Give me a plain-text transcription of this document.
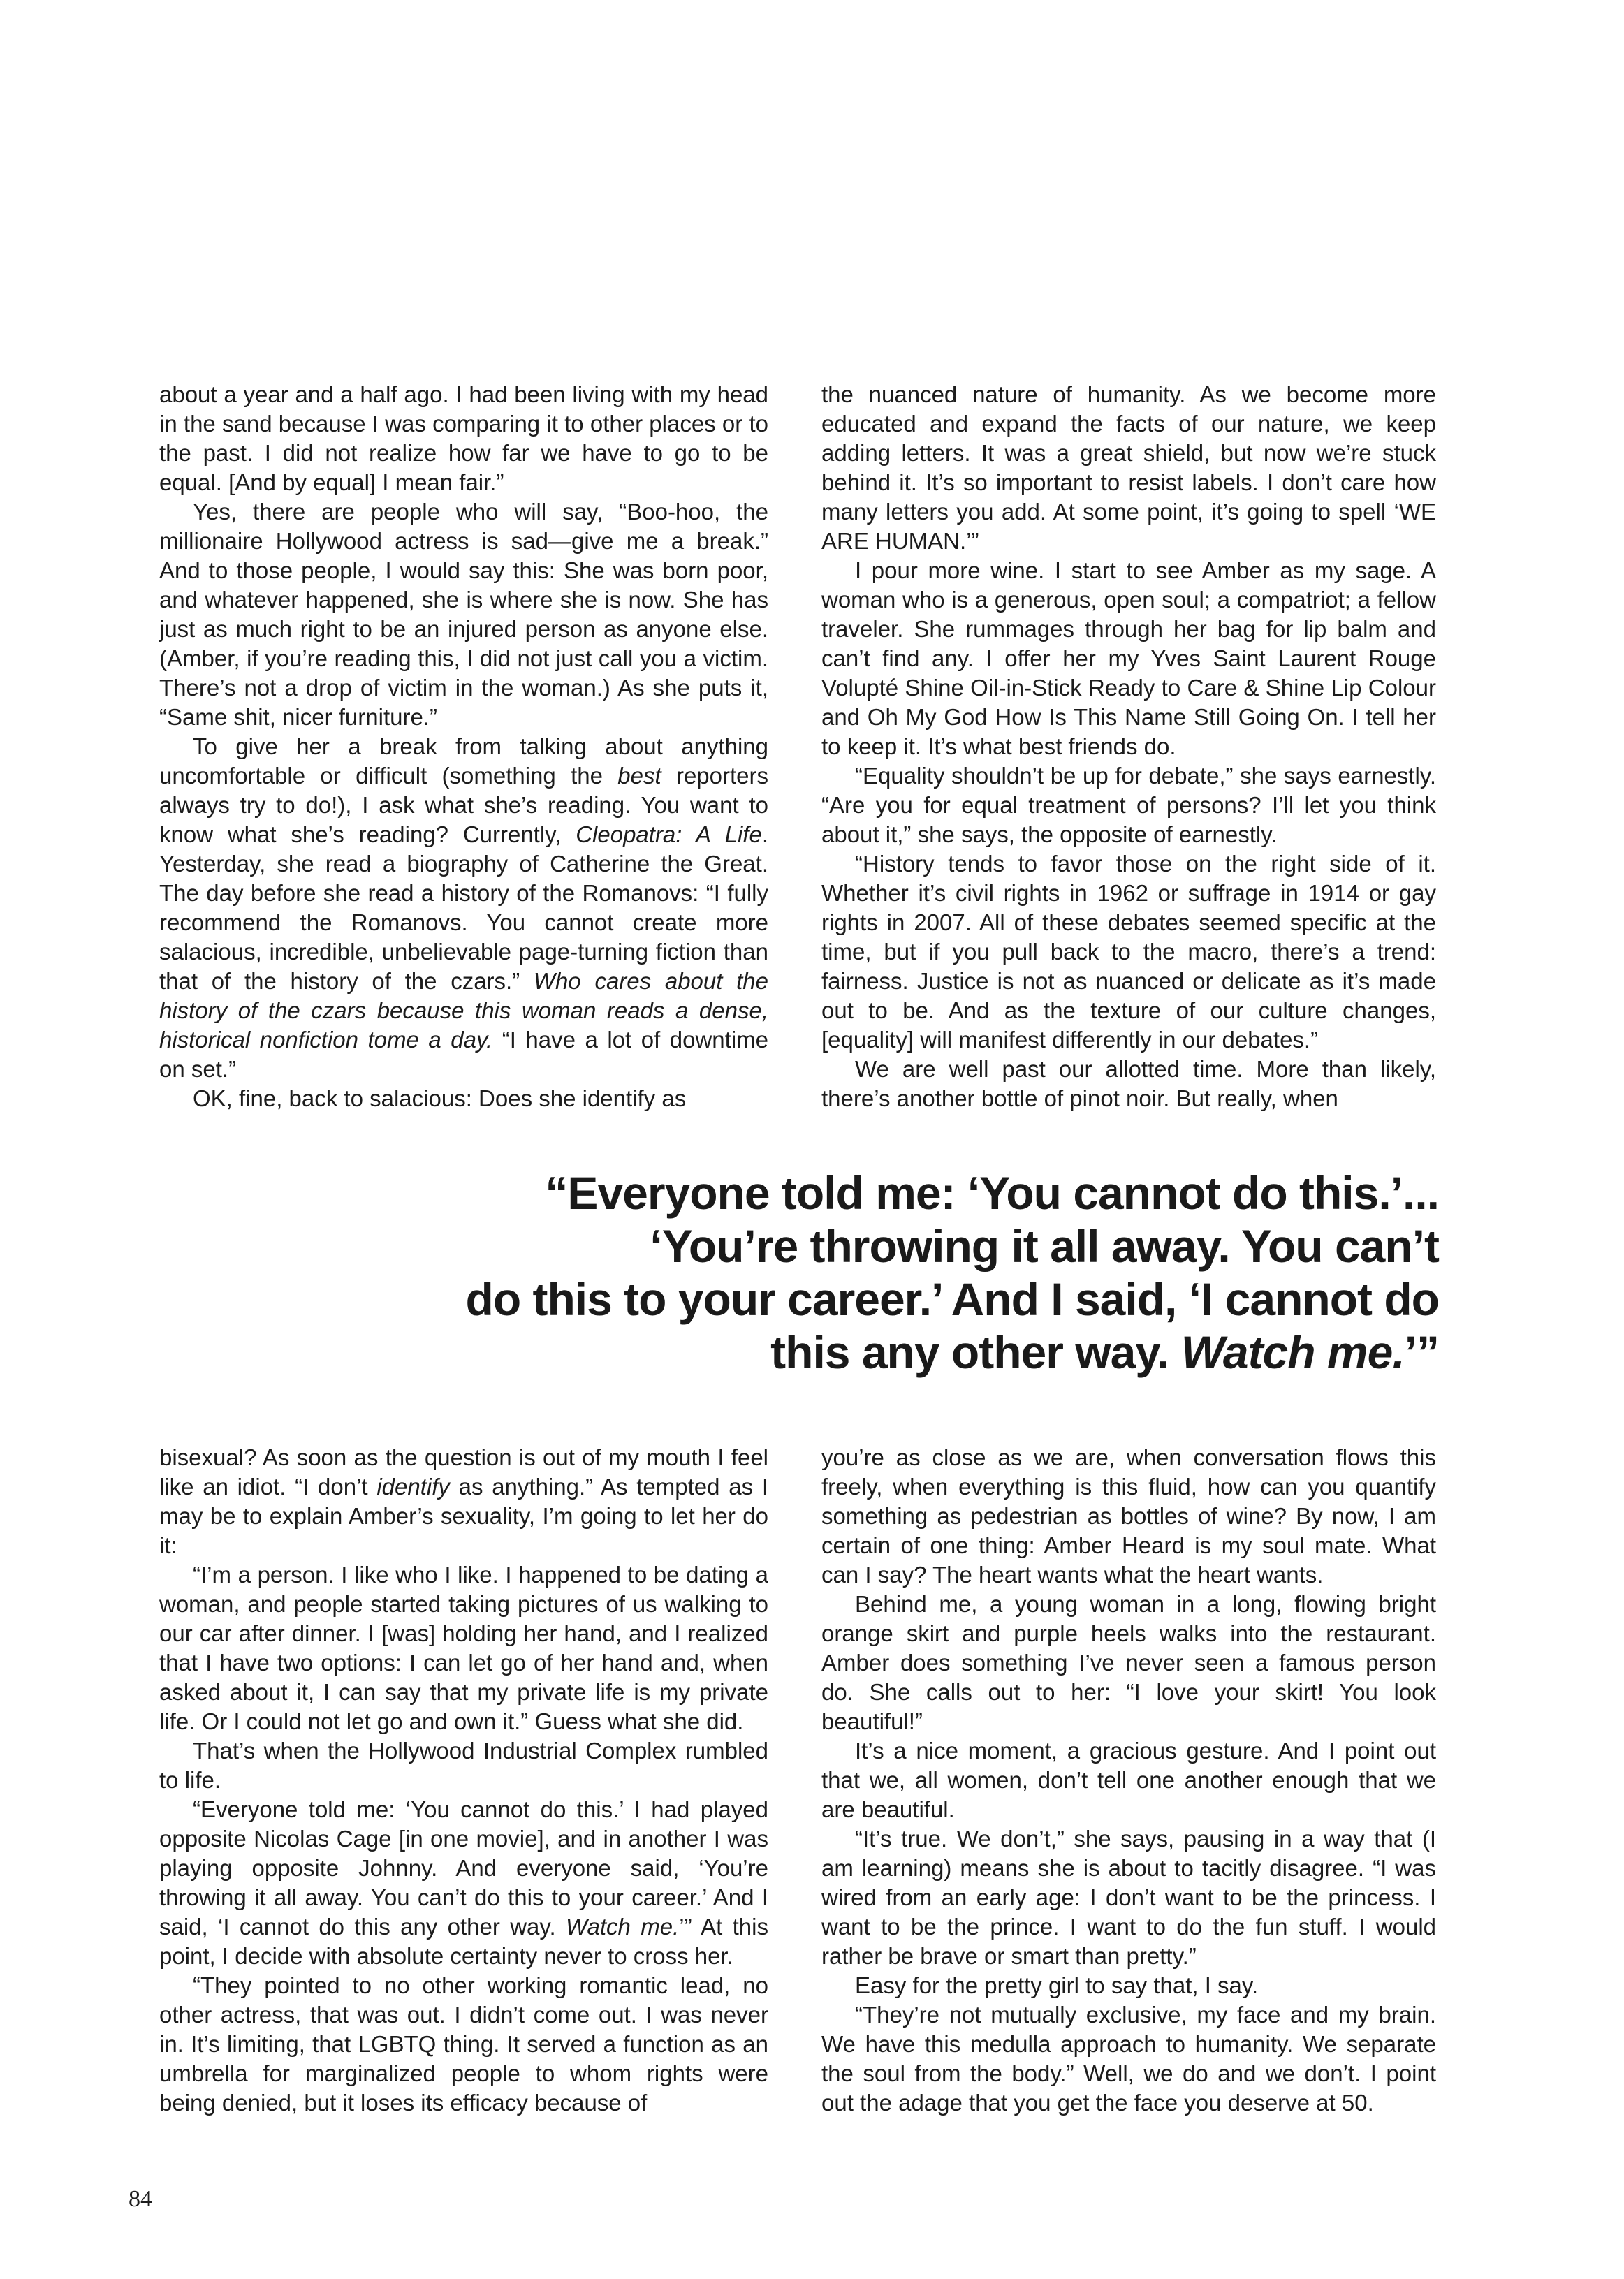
about a year and a half ago. I had been living with my head in the sand because I was comparing it to other places or to the past. I did not realize how far we have to go to be equal. [And by equal] I mean fair.”

Yes, there are people who will say, “Boo-hoo, the millionaire Hollywood actress is sad—give me a break.” And to those people, I would say this: She was born poor, and whatever happened, she is where she is now. She has just as much right to be an injured person as anyone else. (Amber, if you’re reading this, I did not just call you a victim. There’s not a drop of victim in the woman.) As she puts it, “Same shit, nicer furniture.”

To give her a break from talking about anything uncomfortable or difficult (something the best reporters always try to do!), I ask what she’s reading. You want to know what she’s reading? Currently, Cleopatra: A Life. Yesterday, she read a biography of Catherine the Great. The day before she read a history of the Romanovs: “I fully recommend the Romanovs. You cannot create more salacious, incredible, unbelievable page-turning fiction than that of the history of the czars.” Who cares about the history of the czars because this woman reads a dense, historical nonfiction tome a day. “I have a lot of downtime on set.”

OK, fine, back to salacious: Does she identify as

the nuanced nature of humanity. As we become more educated and expand the facts of our nature, we keep adding letters. It was a great shield, but now we’re stuck behind it. It’s so important to resist labels. I don’t care how many letters you add. At some point, it’s going to spell ‘WE ARE HUMAN.’”

I pour more wine. I start to see Amber as my sage. A woman who is a generous, open soul; a compatriot; a fellow traveler. She rummages through her bag for lip balm and can’t find any. I offer her my Yves Saint Laurent Rouge Volupté Shine Oil-in-Stick Ready to Care & Shine Lip Colour and Oh My God How Is This Name Still Going On. I tell her to keep it. It’s what best friends do.

“Equality shouldn’t be up for debate,” she says earnestly. “Are you for equal treatment of persons? I’ll let you think about it,” she says, the opposite of earnestly.

“History tends to favor those on the right side of it. Whether it’s civil rights in 1962 or suffrage in 1914 or gay rights in 2007. All of these debates seemed specific at the time, but if you pull back to the macro, there’s a trend: fairness. Justice is not as nuanced or delicate as it’s made out to be. And as the texture of our culture changes, [equality] will manifest differently in our debates.”

We are well past our allotted time. More than likely, there’s another bottle of pinot noir. But really, when

“Everyone told me: ‘You cannot do this.’...
‘You’re throwing it all away. You can’t
do this to your career.’ And I said, ‘I cannot do
this any other way. Watch me.’”

bisexual? As soon as the question is out of my mouth I feel like an idiot. “I don’t identify as anything.” As tempted as I may be to explain Amber’s sexuality, I’m going to let her do it:

“I’m a person. I like who I like. I happened to be dating a woman, and people started taking pictures of us walking to our car after dinner. I [was] holding her hand, and I realized that I have two options: I can let go of her hand and, when asked about it, I can say that my private life is my private life. Or I could not let go and own it.” Guess what she did.

That’s when the Hollywood Industrial Complex rumbled to life.

“Everyone told me: ‘You cannot do this.’ I had played opposite Nicolas Cage [in one movie], and in another I was playing opposite Johnny. And everyone said, ‘You’re throwing it all away. You can’t do this to your career.’ And I said, ‘I cannot do this any other way. Watch me.’” At this point, I decide with absolute certainty never to cross her.

“They pointed to no other working romantic lead, no other actress, that was out. I didn’t come out. I was never in. It’s limiting, that LGBTQ thing. It served a function as an umbrella for marginalized people to whom rights were being denied, but it loses its efficacy because of

you’re as close as we are, when conversation flows this freely, when everything is this fluid, how can you quantify something as pedestrian as bottles of wine? By now, I am certain of one thing: Amber Heard is my soul mate. What can I say? The heart wants what the heart wants.

Behind me, a young woman in a long, flowing bright orange skirt and purple heels walks into the restaurant. Amber does something I’ve never seen a famous person do. She calls out to her: “I love your skirt! You look beautiful!”

It’s a nice moment, a gracious gesture. And I point out that we, all women, don’t tell one another enough that we are beautiful.

“It’s true. We don’t,” she says, pausing in a way that (I am learning) means she is about to tacitly disagree. “I was wired from an early age: I don’t want to be the princess. I want to be the prince. I want to do the fun stuff. I would rather be brave or smart than pretty.”

Easy for the pretty girl to say that, I say.

“They’re not mutually exclusive, my face and my brain. We have this medulla approach to humanity. We separate the soul from the body.” Well, we do and we don’t. I point out the adage that you get the face you deserve at 50.

84
